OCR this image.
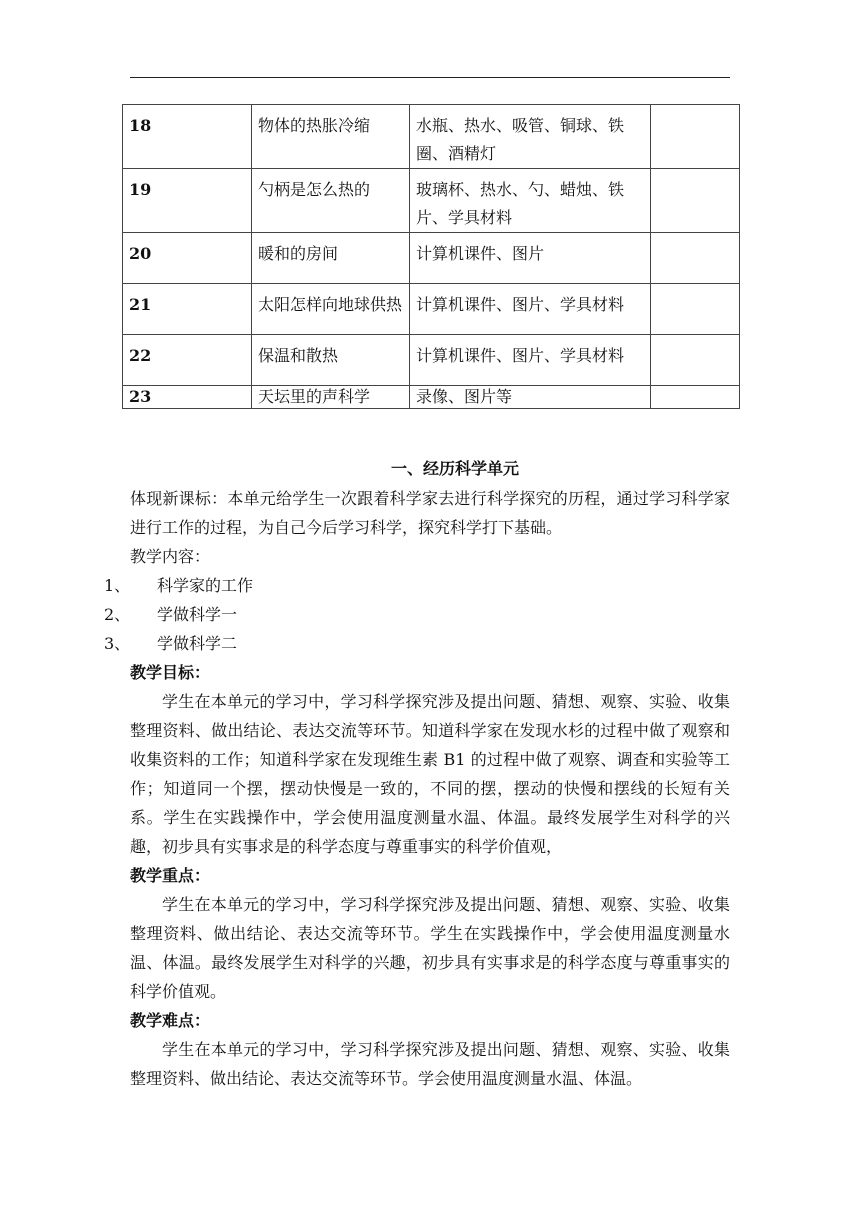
18	物体的热胀冷缩	水瓶、热水、吸管、铜球、铁圈、酒精灯	
19	勺柄是怎么热的	玻璃杯、热水、勺、蜡烛、铁片、学具材料	
20	暖和的房间	计算机课件、图片	
21	太阳怎样向地球供热	计算机课件、图片、学具材料	
22	保温和散热	计算机课件、图片、学具材料	
23	天坛里的声科学	录像、图片等	
一、经历科学单元
体现新课标：本单元给学生一次跟着科学家去进行科学探究的历程，通过学习科学家进行工作的过程，为自己今后学习科学，探究科学打下基础。
教学内容：
1、 科学家的工作
2、 学做科学一
3、 学做科学二
教学目标：
学生在本单元的学习中，学习科学探究涉及提出问题、猜想、观察、实验、收集整理资料、做出结论、表达交流等环节。知道科学家在发现水杉的过程中做了观察和收集资料的工作；知道科学家在发现维生素 B1 的过程中做了观察、调查和实验等工作；知道同一个摆，摆动快慢是一致的，不同的摆，摆动的快慢和摆线的长短有关系。学生在实践操作中，学会使用温度测量水温、体温。最终发展学生对科学的兴趣，初步具有实事求是的科学态度与尊重事实的科学价值观，
教学重点：
学生在本单元的学习中，学习科学探究涉及提出问题、猜想、观察、实验、收集整理资料、做出结论、表达交流等环节。学生在实践操作中，学会使用温度测量水温、体温。最终发展学生对科学的兴趣，初步具有实事求是的科学态度与尊重事实的科学价值观。
教学难点：
学生在本单元的学习中，学习科学探究涉及提出问题、猜想、观察、实验、收集整理资料、做出结论、表达交流等环节。学会使用温度测量水温、体温。
